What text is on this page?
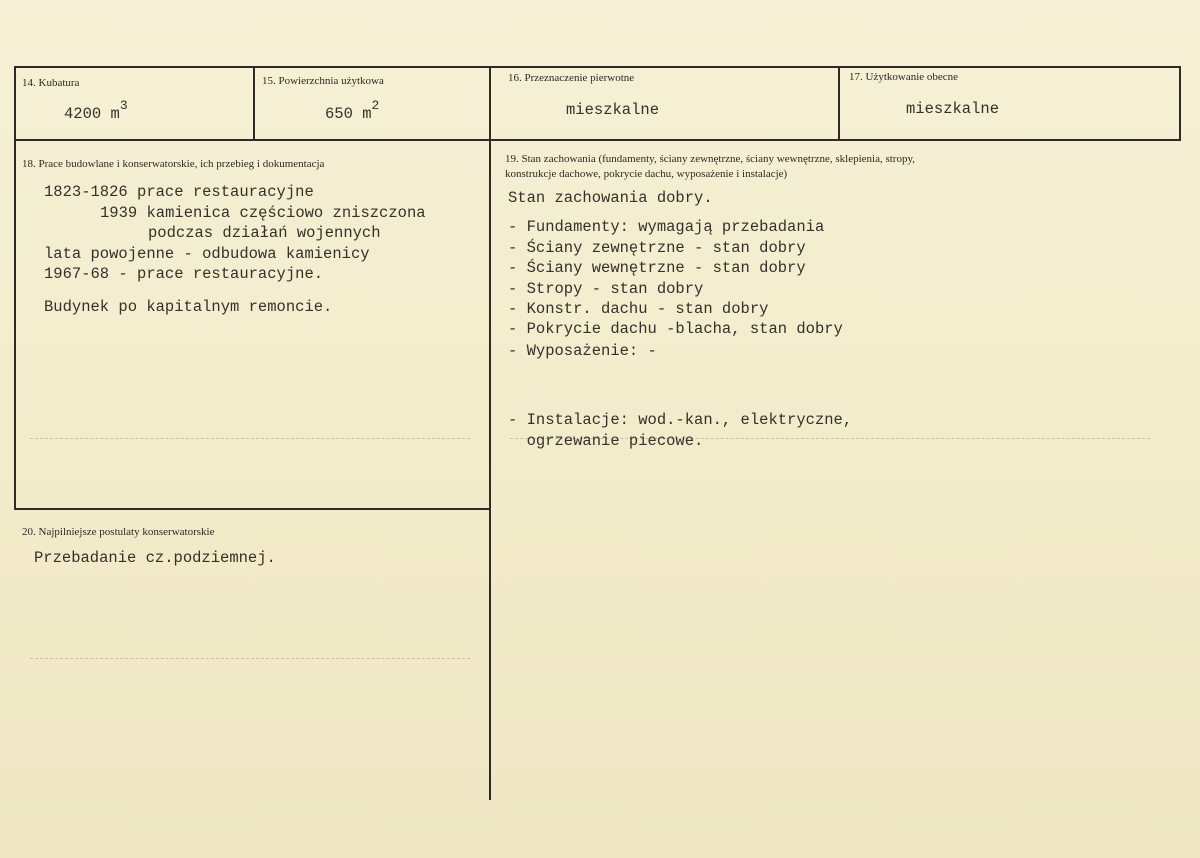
14. Kubatura
4200 $m^3$
15. Powierzchnia użytkowa
650 $m^2$
16. Przeznaczenie pierwotne
mieszkalne
17. Użytkowanie obecne
mieszkalne
18. Prace budowlane i konserwatorskie, ich przebieg i dokumentacja
1823-1826 prace restauracyjne
1939 kamienica częściowo zniszczona
podczas działań wojennych
lata powojenne - odbudowa kamienicy
1967-68 - prace restauracyjne.
Budynek po kapitalnym remoncie.
19. Stan zachowania (fundamenty, ściany zewnętrzne, ściany wewnętrzne, sklepienia, stropy,
konstrukcje dachowe, pokrycie dachu, wyposażenie i instalacje)
Stan zachowania dobry.
- Fundamenty: wymagają przebadania
- Ściany zewnętrzne - stan dobry
- Ściany wewnętrzne - stan dobry
- Stropy - stan dobry
- Konstr. dachu - stan dobry
- Pokrycie dachu -blacha, stan dobry
- Wyposażenie: -
- Instalacje: wod.-kan., elektryczne,
ogrzewanie piecowe.
20. Najpilniejsze postulaty konserwatorskie
Przebadanie cz.podziemnej.
